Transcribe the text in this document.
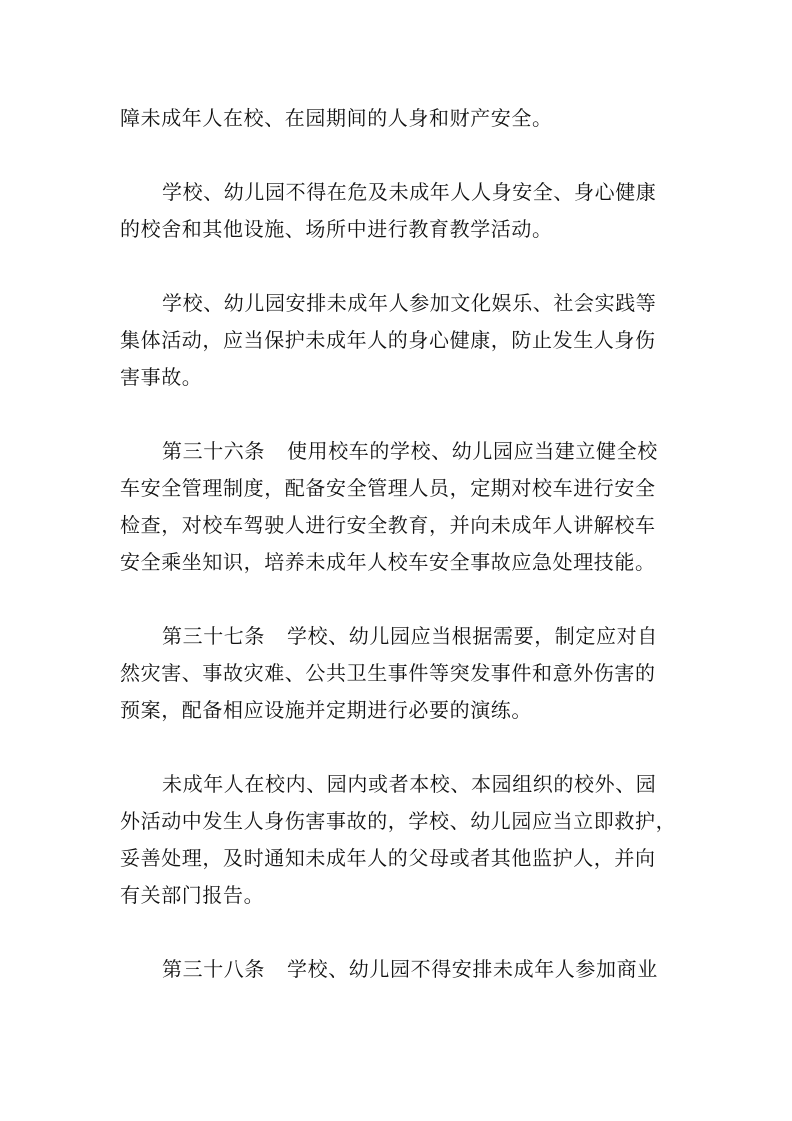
障未成年人在校、在园期间的人身和财产安全。

学校、幼儿园不得在危及未成年人人身安全、身心健康
的校舍和其他设施、场所中进行教育教学活动。

学校、幼儿园安排未成年人参加文化娱乐、社会实践等
集体活动，应当保护未成年人的身心健康，防止发生人身伤
害事故。

第三十六条 使用校车的学校、幼儿园应当建立健全校
车安全管理制度，配备安全管理人员，定期对校车进行安全
检查，对校车驾驶人进行安全教育，并向未成年人讲解校车
安全乘坐知识，培养未成年人校车安全事故应急处理技能。

第三十七条 学校、幼儿园应当根据需要，制定应对自
然灾害、事故灾难、公共卫生事件等突发事件和意外伤害的
预案，配备相应设施并定期进行必要的演练。

未成年人在校内、园内或者本校、本园组织的校外、园
外活动中发生人身伤害事故的，学校、幼儿园应当立即救护，
妥善处理，及时通知未成年人的父母或者其他监护人，并向
有关部门报告。

第三十八条 学校、幼儿园不得安排未成年人参加商业
